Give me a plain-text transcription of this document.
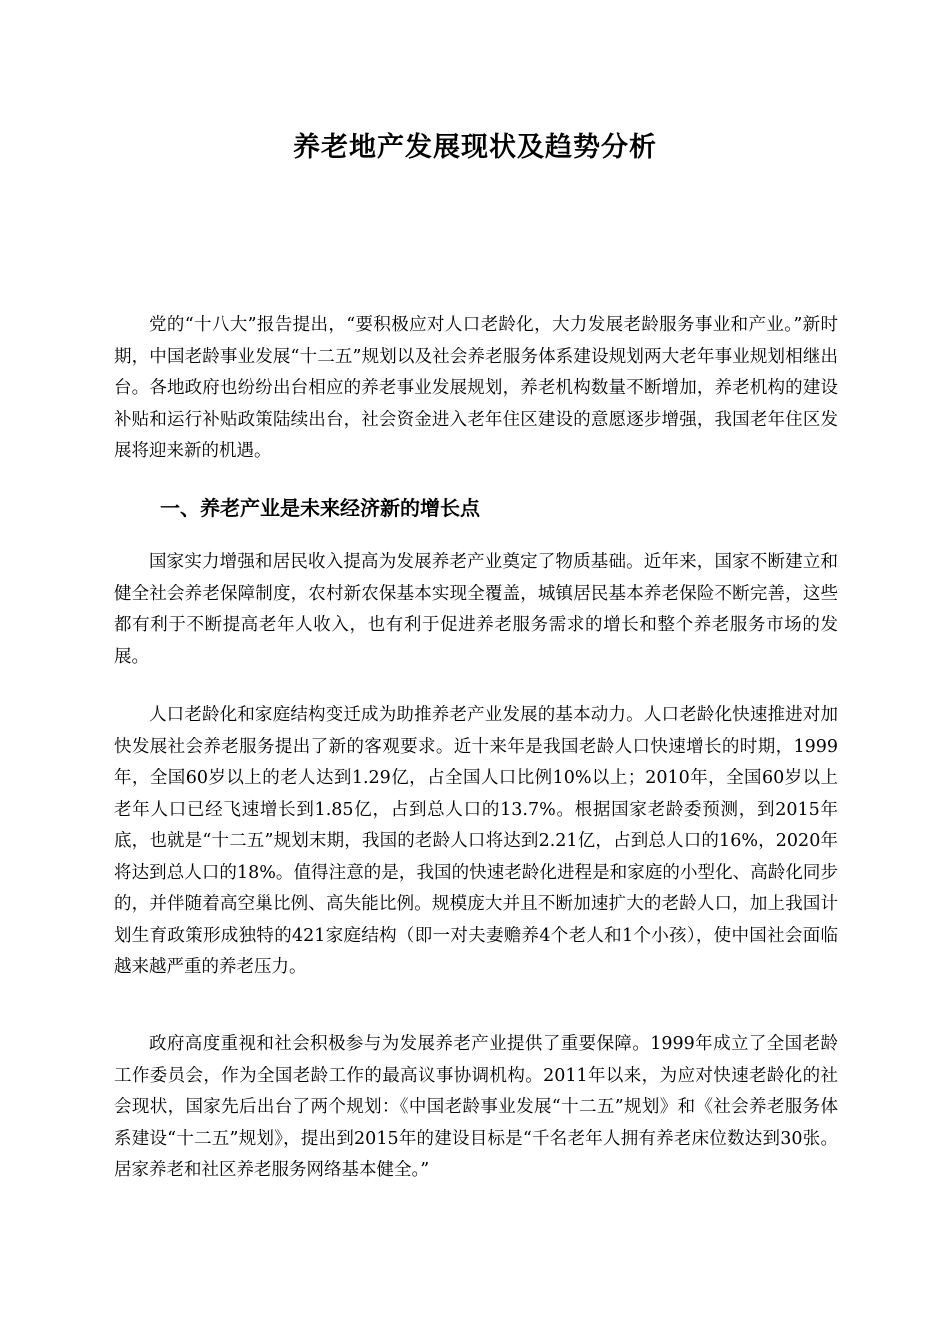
养老地产发展现状及趋势分析

党的“十八大”报告提出，“要积极应对人口老龄化，大力发展老龄服务事业和产业。”新时期，中国老龄事业发展“十二五”规划以及社会养老服务体系建设规划两大老年事业规划相继出台。各地政府也纷纷出台相应的养老事业发展规划，养老机构数量不断增加，养老机构的建设补贴和运行补贴政策陆续出台，社会资金进入老年住区建设的意愿逐步增强，我国老年住区发展将迎来新的机遇。

一、养老产业是未来经济新的增长点

国家实力增强和居民收入提高为发展养老产业奠定了物质基础。近年来，国家不断建立和健全社会养老保障制度，农村新农保基本实现全覆盖，城镇居民基本养老保险不断完善，这些都有利于不断提高老年人收入，也有利于促进养老服务需求的增长和整个养老服务市场的发展。

人口老龄化和家庭结构变迁成为助推养老产业发展的基本动力。人口老龄化快速推进对加快发展社会养老服务提出了新的客观要求。近十来年是我国老龄人口快速增长的时期，1999年，全国60岁以上的老人达到1.29亿，占全国人口比例10%以上；2010年，全国60岁以上老年人口已经飞速增长到1.85亿，占到总人口的13.7%。根据国家老龄委预测，到2015年底，也就是“十二五”规划末期，我国的老龄人口将达到2.21亿，占到总人口的16%，2020年将达到总人口的18%。值得注意的是，我国的快速老龄化进程是和家庭的小型化、高龄化同步的，并伴随着高空巢比例、高失能比例。规模庞大并且不断加速扩大的老龄人口，加上我国计划生育政策形成独特的421家庭结构（即一对夫妻赡养4个老人和1个小孩），使中国社会面临越来越严重的养老压力。

政府高度重视和社会积极参与为发展养老产业提供了重要保障。1999年成立了全国老龄工作委员会，作为全国老龄工作的最高议事协调机构。2011年以来，为应对快速老龄化的社会现状，国家先后出台了两个规划：《中国老龄事业发展“十二五”规划》和《社会养老服务体系建设“十二五”规划》，提出到2015年的建设目标是“千名老年人拥有养老床位数达到30张。居家养老和社区养老服务网络基本健全。”
